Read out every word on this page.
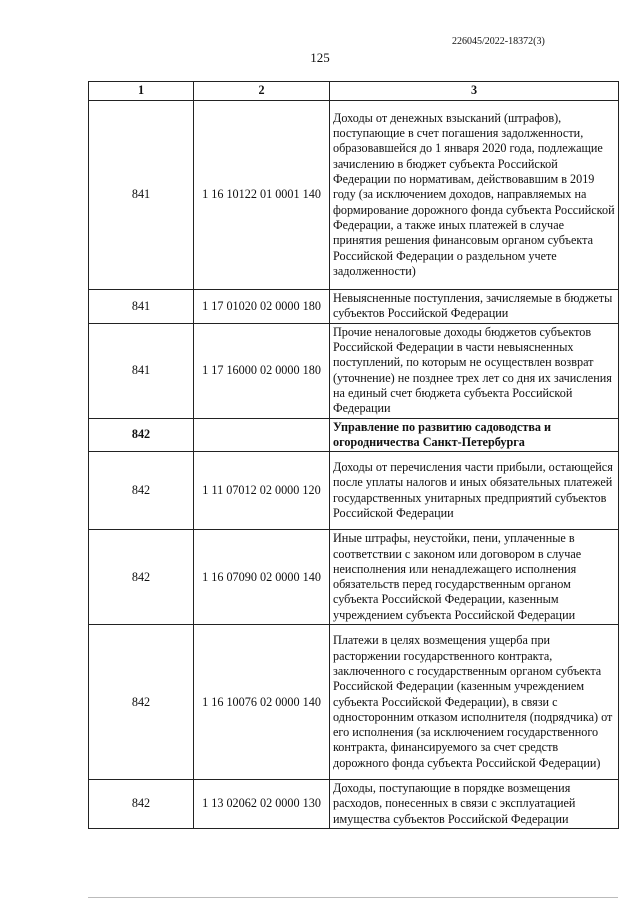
226045/2022-18372(3)
125
1	2	3
841	1 16 10122 01 0001 140	Доходы от денежных взысканий (штрафов), поступающие в счет погашения задолженности, образовавшейся до 1 января 2020 года, подлежащие зачислению в бюджет субъекта Российской Федерации по нормативам, действовавшим в 2019 году (за исключением доходов, направляемых на формирование дорожного фонда субъекта Российской Федерации, а также иных платежей в случае принятия решения финансовым органом субъекта Российской Федерации о раздельном учете задолженности)
841	1 17 01020 02 0000 180	Невыясненные поступления, зачисляемые в бюджеты субъектов Российской Федерации
841	1 17 16000 02 0000 180	Прочие неналоговые доходы бюджетов субъектов Российской Федерации в части невыясненных поступлений, по которым не осуществлен возврат (уточнение) не позднее трех лет со дня их зачисления на единый счет бюджета субъекта Российской Федерации
842		Управление по развитию садоводства и огородничества Санкт-Петербурга
842	1 11 07012 02 0000 120	Доходы от перечисления части прибыли, остающейся после уплаты налогов и иных обязательных платежей государственных унитарных предприятий субъектов Российской Федерации
842	1 16 07090 02 0000 140	Иные штрафы, неустойки, пени, уплаченные в соответствии с законом или договором в случае неисполнения или ненадлежащего исполнения обязательств перед государственным органом субъекта Российской Федерации, казенным учреждением субъекта Российской Федерации
842	1 16 10076 02 0000 140	Платежи в целях возмещения ущерба при расторжении государственного контракта, заключенного с государственным органом субъекта Российской Федерации (казенным учреждением субъекта Российской Федерации), в связи с односторонним отказом исполнителя (подрядчика) от его исполнения (за исключением государственного контракта, финансируемого за счет средств дорожного фонда субъекта Российской Федерации)
842	1 13 02062 02 0000 130	Доходы, поступающие в порядке возмещения расходов, понесенных в связи с эксплуатацией имущества субъектов Российской Федерации
